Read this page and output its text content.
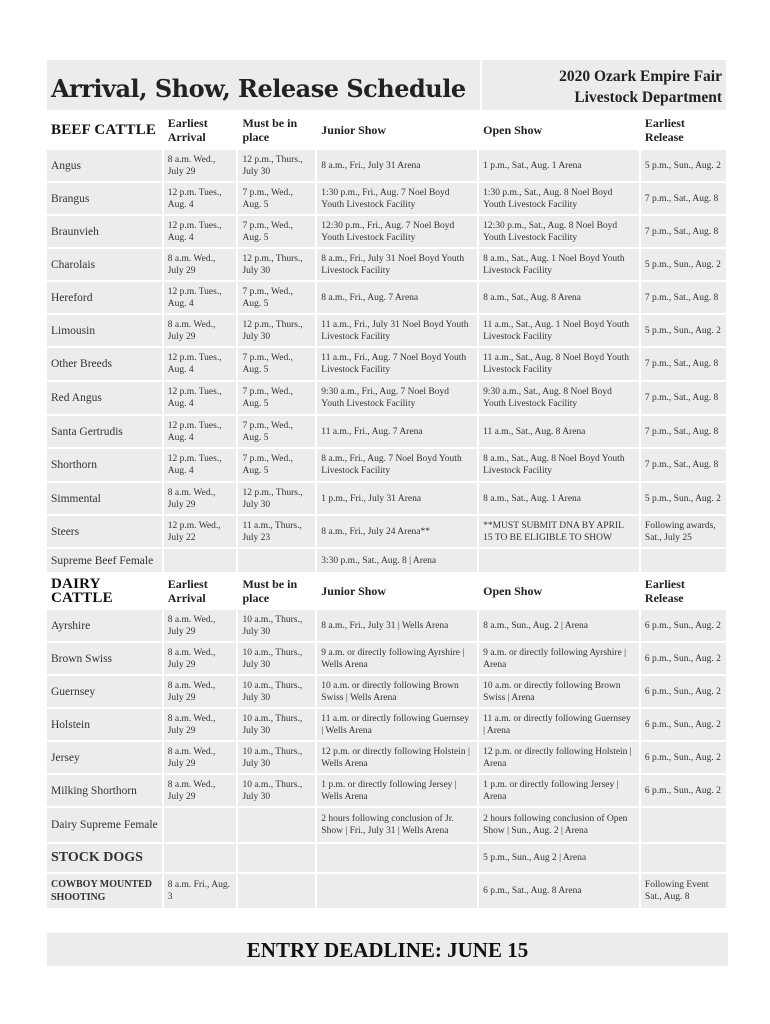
Arrival, Show, Release Schedule	2020 Ozark Empire Fair
Livestock Department
BEEF CATTLE	Earliest Arrival	Must be in place	Junior Show	Open Show	Earliest Release
Angus	8 a.m. Wed., July 29	12 p.m., Thurs., July 30	8 a.m., Fri., July 31 Arena	1 p.m., Sat., Aug. 1 Arena	5 p.m., Sun., Aug. 2
Brangus	12 p.m. Tues., Aug. 4	7 p.m., Wed., Aug. 5	1:30 p.m., Fri., Aug. 7 Noel Boyd Youth Livestock Facility	1:30 p.m., Sat., Aug. 8 Noel Boyd Youth Livestock Facility	7 p.m., Sat., Aug. 8
Braunvieh	12 p.m. Tues., Aug. 4	7 p.m., Wed., Aug. 5	12:30 p.m., Fri., Aug. 7 Noel Boyd Youth Livestock Facility	12:30 p.m., Sat., Aug. 8 Noel Boyd Youth Livestock Facility	7 p.m., Sat., Aug. 8
Charolais	8 a.m. Wed., July 29	12 p.m., Thurs., July 30	8 a.m., Fri., July 31 Noel Boyd Youth Livestock Facility	8 a.m., Sat., Aug. 1 Noel Boyd Youth Livestock Facility	5 p.m., Sun., Aug. 2
Hereford	12 p.m. Tues., Aug. 4	7 p.m., Wed., Aug. 5	8 a.m., Fri., Aug. 7 Arena	8 a.m., Sat., Aug. 8 Arena	7 p.m., Sat., Aug. 8
Limousin	8 a.m. Wed., July 29	12 p.m., Thurs., July 30	11 a.m., Fri., July 31 Noel Boyd Youth Livestock Facility	11 a.m., Sat., Aug. 1 Noel Boyd Youth Livestock Facility	5 p.m., Sun., Aug. 2
Other Breeds	12 p.m. Tues., Aug. 4	7 p.m., Wed., Aug. 5	11 a.m., Fri., Aug. 7 Noel Boyd Youth Livestock Facility	11 a.m., Sat., Aug. 8 Noel Boyd Youth Livestock Facility	7 p.m., Sat., Aug. 8
Red Angus	12 p.m. Tues., Aug. 4	7 p.m., Wed., Aug. 5	9:30 a.m., Fri., Aug. 7 Noel Boyd Youth Livestock Facility	9:30 a.m., Sat., Aug. 8 Noel Boyd Youth Livestock Facility	7 p.m., Sat., Aug. 8
Santa Gertrudis	12 p.m. Tues., Aug. 4	7 p.m., Wed., Aug. 5	11 a.m., Fri., Aug. 7 Arena	11 a.m., Sat., Aug. 8 Arena	7 p.m., Sat., Aug. 8
Shorthorn	12 p.m. Tues., Aug. 4	7 p.m., Wed., Aug. 5	8 a.m., Fri., Aug. 7 Noel Boyd Youth Livestock Facility	8 a.m., Sat., Aug. 8 Noel Boyd Youth Livestock Facility	7 p.m., Sat., Aug. 8
Simmental	8 a.m. Wed., July 29	12 p.m., Thurs., July 30	1 p.m., Fri., July 31 Arena	8 a.m., Sat., Aug. 1 Arena	5 p.m., Sun., Aug. 2
Steers	12 p.m. Wed., July 22	11 a.m., Thurs., July 23	8 a.m., Fri., July 24 Arena**	**MUST SUBMIT DNA BY APRIL 15 TO BE ELIGIBLE TO SHOW	Following awards, Sat., July 25
Supreme Beef Female			3:30 p.m., Sat., Aug. 8 | Arena		
DAIRY CATTLE	Earliest Arrival	Must be in place	Junior Show	Open Show	Earliest Release
Ayrshire	8 a.m. Wed., July 29	10 a.m., Thurs., July 30	8 a.m., Fri., July 31 | Wells Arena	8 a.m., Sun., Aug. 2 | Arena	6 p.m., Sun., Aug. 2
Brown Swiss	8 a.m. Wed., July 29	10 a.m., Thurs., July 30	9 a.m. or directly following Ayrshire | Wells Arena	9 a.m. or directly following Ayrshire | Arena	6 p.m., Sun., Aug. 2
Guernsey	8 a.m. Wed., July 29	10 a.m., Thurs., July 30	10 a.m. or directly following Brown Swiss | Wells Arena	10 a.m. or directly following Brown Swiss | Arena	6 p.m., Sun., Aug. 2
Holstein	8 a.m. Wed., July 29	10 a.m., Thurs., July 30	11 a.m. or directly following Guernsey | Wells Arena	11 a.m. or directly following Guernsey | Arena	6 p.m., Sun., Aug. 2
Jersey	8 a.m. Wed., July 29	10 a.m., Thurs., July 30	12 p.m. or directly following Holstein | Wells Arena	12 p.m. or directly following Holstein | Arena	6 p.m., Sun., Aug. 2
Milking Shorthorn	8 a.m. Wed., July 29	10 a.m., Thurs., July 30	1 p.m. or directly following Jersey | Wells Arena	1 p.m. or directly following Jersey | Arena	6 p.m., Sun., Aug. 2
Dairy Supreme Female			2 hours following conclusion of Jr. Show | Fri., July 31 | Wells Arena	2 hours following conclusion of Open Show | Sun., Aug. 2 | Arena	
STOCK DOGS				5 p.m., Sun., Aug 2 | Arena	
COWBOY MOUNTED SHOOTING	8 a.m. Fri., Aug. 3			6 p.m., Sat., Aug. 8 Arena	Following Event Sat., Aug. 8
ENTRY DEADLINE: JUNE 15
